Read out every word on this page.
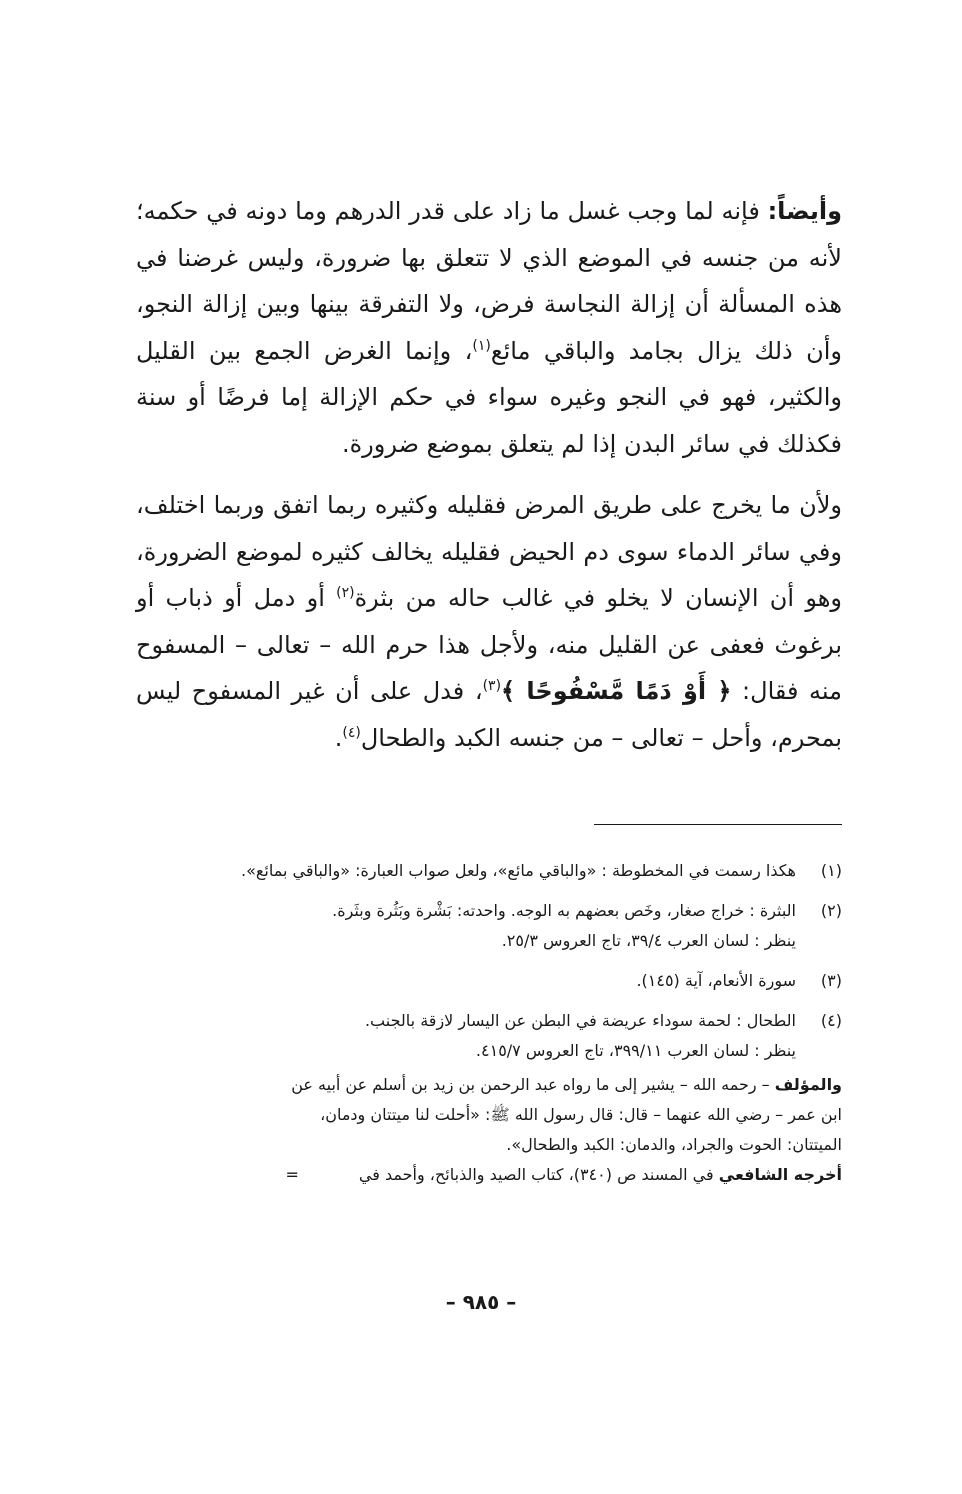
وأيضاً: فإنه لما وجب غسل ما زاد على قدر الدرهم وما دونه في حكمه؛ لأنه من جنسه في الموضع الذي لا تتعلق بها ضرورة، وليس غرضنا في هذه المسألة أن إزالة النجاسة فرض، ولا التفرقة بينها وبين إزالة النجو، وأن ذلك يزال بجامد والباقي مائع$^{(١)}$، وإنما الغرض الجمع بين القليل والكثير، فهو في النجو وغيره سواء في حكم الإزالة إما فرضًا أو سنة فكذلك في سائر البدن إذا لم يتعلق بموضع ضرورة.

ولأن ما يخرج على طريق المرض فقليله وكثيره ربما اتفق وربما اختلف، وفي سائر الدماء سوى دم الحيض فقليله يخالف كثيره لموضع الضرورة، وهو أن الإنسان لا يخلو في غالب حاله من بثرة$^{(٢)}$ أو دمل أو ذباب أو برغوث فعفى عن القليل منه، ولأجل هذا حرم الله – تعالى – المسفوح منه فقال: ﴿ أَوْ دَمًا مَّسْفُوحًا ﴾$^{(٣)}$، فدل على أن غير المسفوح ليس بمحرم، وأحل – تعالى – من جنسه الكبد والطحال$^{(٤)}$.

(١)
هكذا رسمت في المخطوطة : «والباقي مائع»، ولعل صواب العبارة: «والباقي بمائع».
(٢)
البثرة : خراج صغار، وخَص بعضهم به الوجه. واحدته: بَشْرة وبَثُرة وبثَرة.
ينظر : لسان العرب ٣٩/٤، تاج العروس ٢٥/٣.
(٣)
سورة الأنعام، آية (١٤٥).
(٤)
الطحال : لحمة سوداء عريضة في البطن عن اليسار لازقة بالجنب.
ينظر : لسان العرب ٣٩٩/١١، تاج العروس ٤١٥/٧.
والمؤلف – رحمه الله – يشير إلى ما رواه عبد الرحمن بن زيد بن أسلم عن أبيه عن
ابن عمر – رضي الله عنهما – قال: قال رسول الله ﷺ: «أحلت لنا ميتتان ودمان،
الميتتان: الحوت والجراد، والدمان: الكبد والطحال».
أخرجه الشافعي في المسند ص (٣٤٠)، كتاب الصيد والذبائح، وأحمد في=
– ٩٨٥ –
